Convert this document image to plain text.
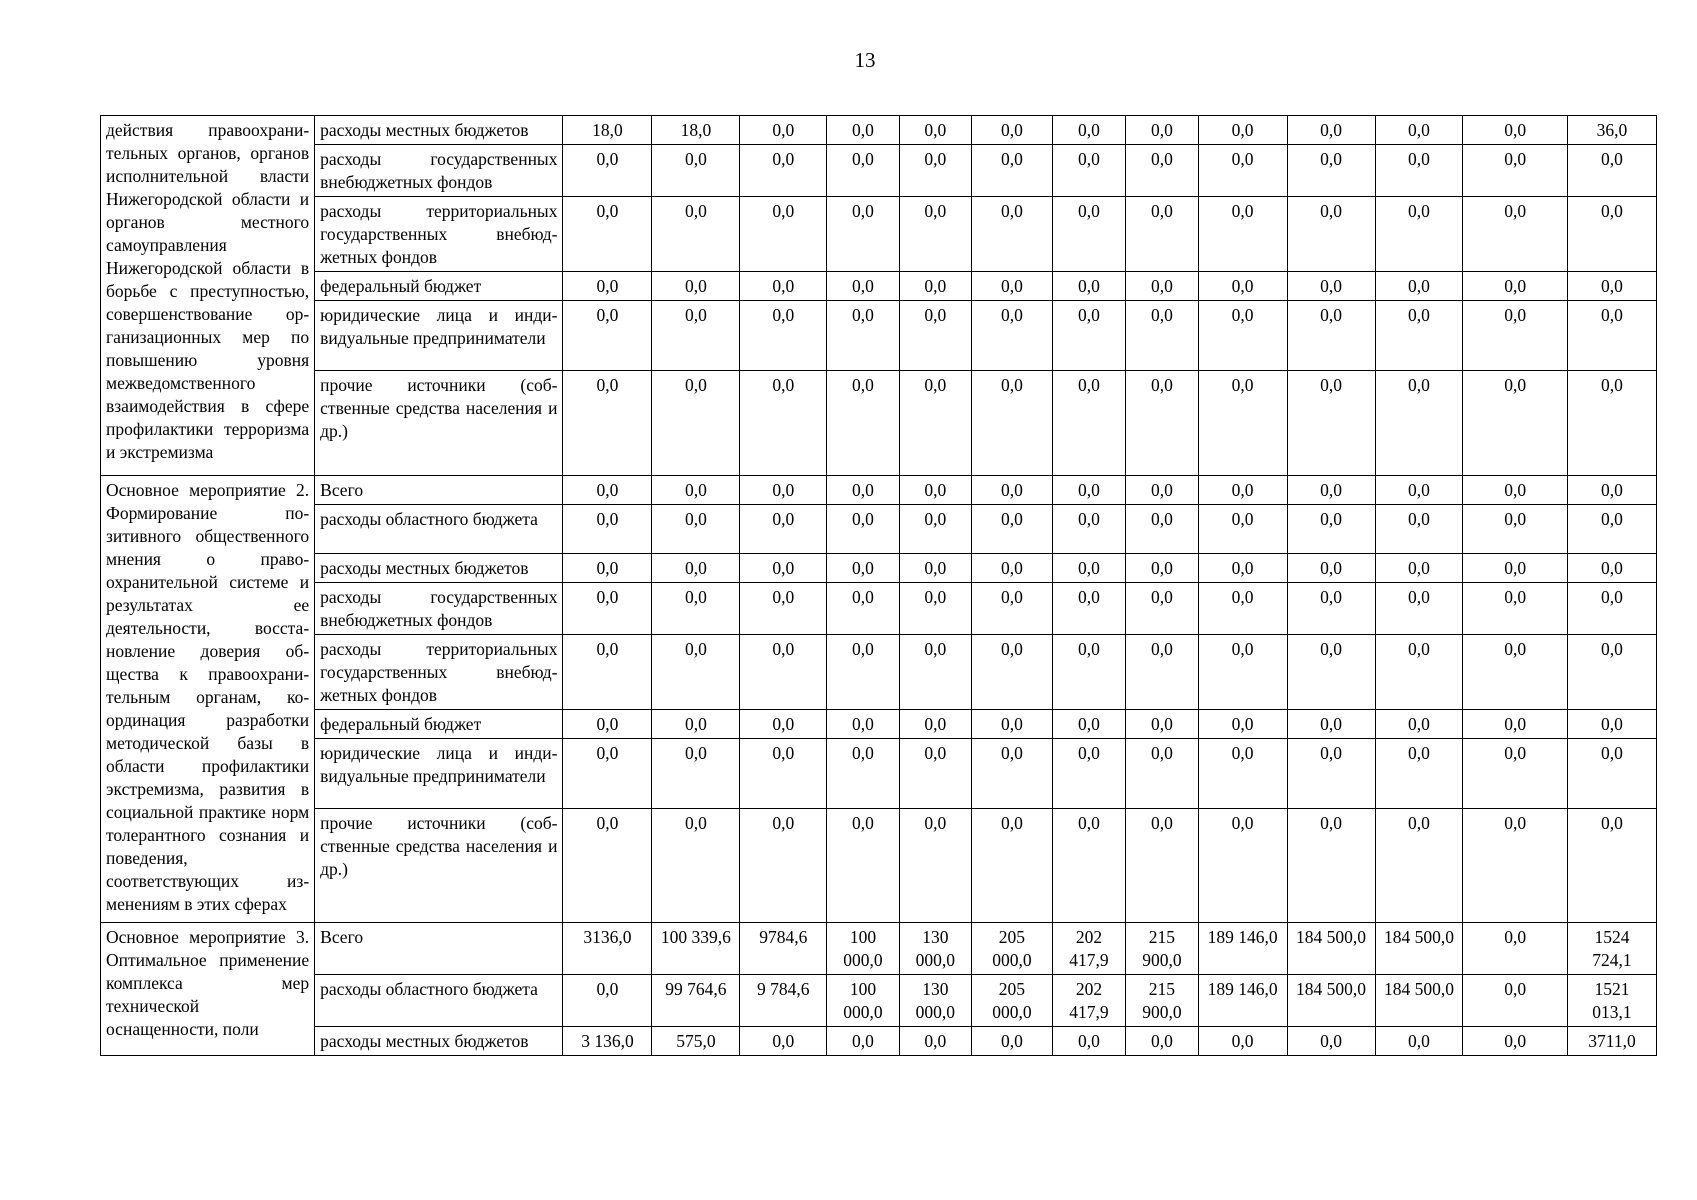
13
действия правоохранительных органов, органов исполнительной власти Нижегородской области и органов местного самоуправления Нижегородской области в борьбе с преступностью, совершенствование организационных мер по повышению уровня межведомственного взаимодействия в сфере профилактики терроризма и экстремизма	расходы местных бюджетов	18,0	18,0	0,0	0,0	0,0	0,0	0,0	0,0	0,0	0,0	0,0	0,0	36,0
	расходы государственных внебюджетных фондов	0,0	0,0	0,0	0,0	0,0	0,0	0,0	0,0	0,0	0,0	0,0	0,0	0,0
	расходы территориальных государственных внебюджетных фондов	0,0	0,0	0,0	0,0	0,0	0,0	0,0	0,0	0,0	0,0	0,0	0,0	0,0
	федеральный бюджет	0,0	0,0	0,0	0,0	0,0	0,0	0,0	0,0	0,0	0,0	0,0	0,0	0,0
	юридические лица и индивидуальные предприниматели	0,0	0,0	0,0	0,0	0,0	0,0	0,0	0,0	0,0	0,0	0,0	0,0	0,0
	прочие источники (собственные средства населения и др.)	0,0	0,0	0,0	0,0	0,0	0,0	0,0	0,0	0,0	0,0	0,0	0,0	0,0
Основное мероприятие 2. Формирование позитивного общественного мнения о правоохранительной системе и результатах ее деятельности, восстановление доверия общества к правоохранительным органам, координация разработки методической базы в области профилактики экстремизма, развития в социальной практике норм толерантного сознания и поведения, соответствующих изменениям в этих сферах	Всего	0,0	0,0	0,0	0,0	0,0	0,0	0,0	0,0	0,0	0,0	0,0	0,0	0,0
	расходы областного бюджета	0,0	0,0	0,0	0,0	0,0	0,0	0,0	0,0	0,0	0,0	0,0	0,0	0,0
	расходы местных бюджетов	0,0	0,0	0,0	0,0	0,0	0,0	0,0	0,0	0,0	0,0	0,0	0,0	0,0
	расходы государственных внебюджетных фондов	0,0	0,0	0,0	0,0	0,0	0,0	0,0	0,0	0,0	0,0	0,0	0,0	0,0
	расходы территориальных государственных внебюджетных фондов	0,0	0,0	0,0	0,0	0,0	0,0	0,0	0,0	0,0	0,0	0,0	0,0	0,0
	федеральный бюджет	0,0	0,0	0,0	0,0	0,0	0,0	0,0	0,0	0,0	0,0	0,0	0,0	0,0
	юридические лица и индивидуальные предприниматели	0,0	0,0	0,0	0,0	0,0	0,0	0,0	0,0	0,0	0,0	0,0	0,0	0,0
	прочие источники (собственные средства населения и др.)	0,0	0,0	0,0	0,0	0,0	0,0	0,0	0,0	0,0	0,0	0,0	0,0	0,0
Основное мероприятие 3. Оптимальное применение комплекса мер технической оснащенности, поли	Всего	3136,0	100 339,6	9784,6	100 000,0	130 000,0	205 000,0	202 417,9	215 900,0	189 146,0	184 500,0	184 500,0	0,0	1524 724,1
	расходы областного бюджета	0,0	99 764,6	9 784,6	100 000,0	130 000,0	205 000,0	202 417,9	215 900,0	189 146,0	184 500,0	184 500,0	0,0	1521 013,1
	расходы местных бюджетов	3 136,0	575,0	0,0	0,0	0,0	0,0	0,0	0,0	0,0	0,0	0,0	0,0	3711,0
